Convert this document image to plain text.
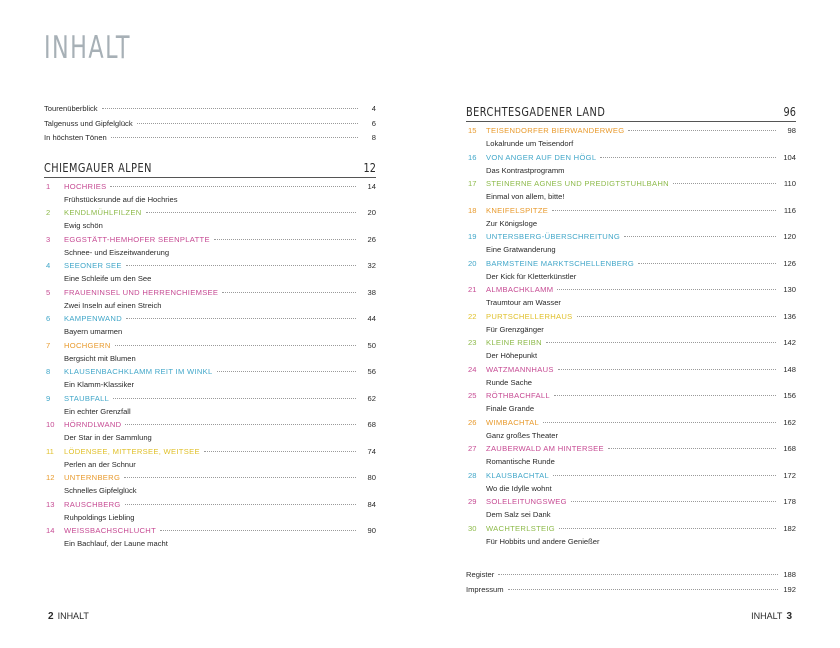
INHALT
Tourenüberblick	4
Talgenuss und Gipfelglück	6
In höchsten Tönen	8
CHIEMGAUER ALPEN	12
1	HOCHRIES	14
Frühstücksrunde auf die Hochries
2	KENDLMÜHLFILZEN	20
Ewig schön
3	EGGSTÄTT-HEMHOFER SEENPLATTE	26
Schnee- und Eiszeitwanderung
4	SEEONER SEE	32
Eine Schleife um den See
5	FRAUENINSEL UND HERRENCHIEMSEE	38
Zwei Inseln auf einen Streich
6	KAMPENWAND	44
Bayern umarmen
7	HOCHGERN	50
Bergsicht mit Blumen
8	KLAUSENBACHKLAMM REIT IM WINKL	56
Ein Klamm-Klassiker
9	STAUBFALL	62
Ein echter Grenzfall
10	HÖRNDLWAND	68
Der Star in der Sammlung
11	LÖDENSEE, MITTERSEE, WEITSEE	74
Perlen an der Schnur
12	UNTERNBERG	80
Schnelles Gipfelglück
13	RAUSCHBERG	84
Ruhpoldings Liebling
14	WEISSBACHSCHLUCHT	90
Ein Bachlauf, der Laune macht
BERCHTESGADENER LAND	96
15	TEISENDORFER BIERWANDERWEG	98
Lokalrunde um Teisendorf
16	VON ANGER AUF DEN HÖGL	104
Das Kontrastprogramm
17	STEINERNE AGNES UND PREDIGTSTUHLBAHN	110
Einmal von allem, bitte!
18	KNEIFELSPITZE	116
Zur Königsloge
19	UNTERSBERG-ÜBERSCHREITUNG	120
Eine Gratwanderung
20	BARMSTEINE MARKTSCHELLENBERG	126
Der Kick für Kletterkünstler
21	ALMBACHKLAMM	130
Traumtour am Wasser
22	PURTSCHELLERHAUS	136
Für Grenzgänger
23	KLEINE REIBN	142
Der Höhepunkt
24	WATZMANNHAUS	148
Runde Sache
25	RÖTHBACHFALL	156
Finale Grande
26	WIMBACHTAL	162
Ganz großes Theater
27	ZAUBERWALD AM HINTERSEE	168
Romantische Runde
28	KLAUSBACHTAL	172
Wo die Idylle wohnt
29	SOLELEITUNGSWEG	178
Dem Salz sei Dank
30	WACHTERLSTEIG	182
Für Hobbits und andere Genießer
Register	188
Impressum	192
2 INHALT	INHALT 3
